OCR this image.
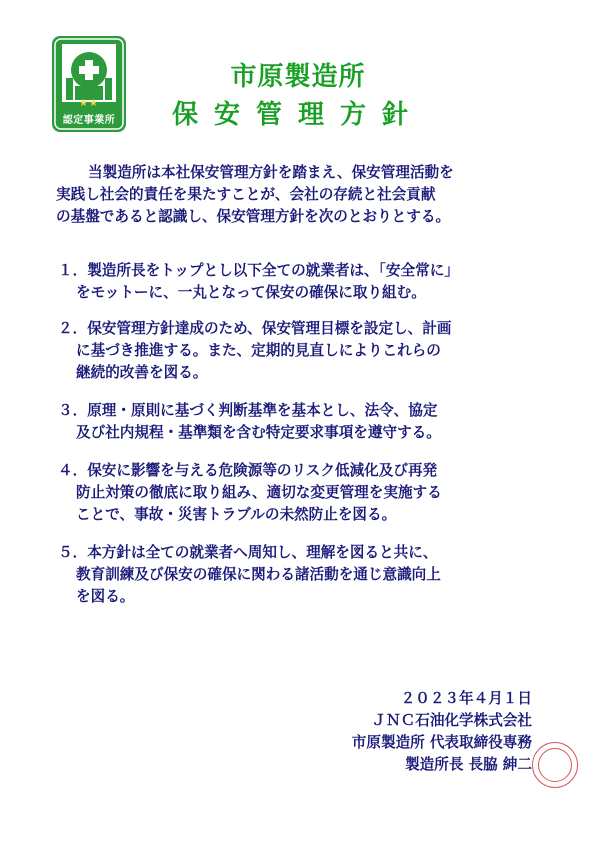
★★
認定事業所
市原製造所
保安管理方針
当製造所は本社保安管理方針を踏まえ、保安管理活動を
実践し社会的責任を果たすことが、会社の存続と社会貢献
の基盤であると認識し、保安管理方針を次のとおりとする。
１．製造所長をトップとし以下全ての就業者は、「安全常に」
をモットーに、一丸となって保安の確保に取り組む。
２．保安管理方針達成のため、保安管理目標を設定し、計画
に基づき推進する。また、定期的見直しによりこれらの
継続的改善を図る。
３．原理・原則に基づく判断基準を基本とし、法令、協定
及び社内規程・基準類を含む特定要求事項を遵守する。
４．保安に影響を与える危険源等のリスク低減化及び再発
防止対策の徹底に取り組み、適切な変更管理を実施する
ことで、事故・災害トラブルの未然防止を図る。
５．本方針は全ての就業者へ周知し、理解を図ると共に、
教育訓練及び保安の確保に関わる諸活動を通じ意識向上
を図る。
２０２３年４月１日
ＪＮＣ石油化学株式会社
市原製造所 代表取締役専務
製造所長 長脇 紳二
